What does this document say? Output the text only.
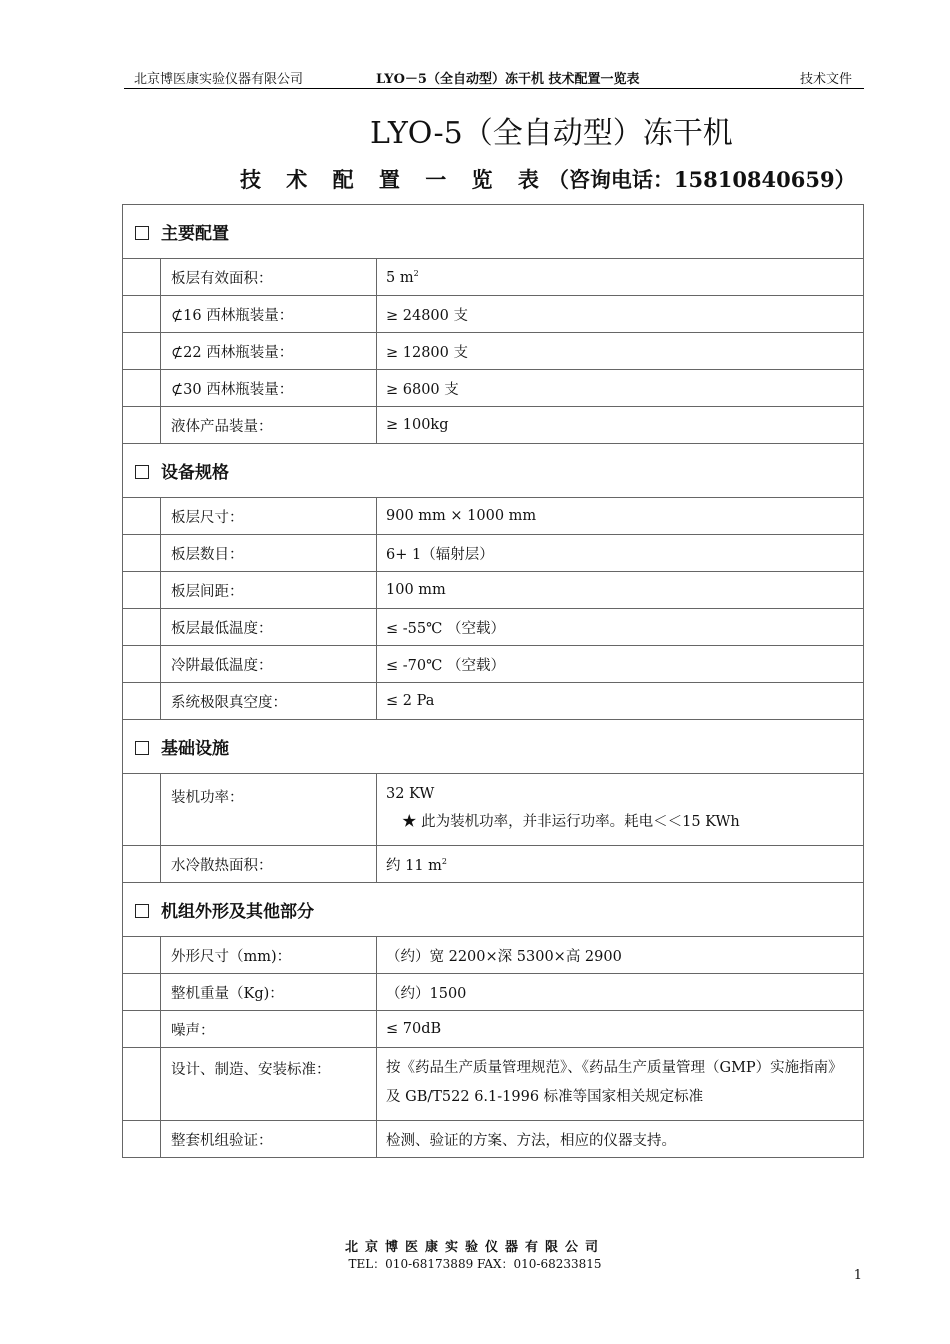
北京博医康实验仪器有限公司	LYO－5（全自动型）冻干机 技术配置一览表	技术文件
LYO-5（全自动型）冻干机
技 术 配 置 一 览 表（咨询电话：15810840659）
主要配置		
	板层有效面积：	5 $m^2$
	⊄16 西林瓶装量：	≥ 24800 支
	⊄22 西林瓶装量：	≥ 12800 支
	⊄30 西林瓶装量：	≥ 6800 支
	液体产品装量：	≥ 100kg
设备规格		
	板层尺寸：	900 mm × 1000 mm
	板层数目：	6+ 1（辐射层）
	板层间距：	100 mm
	板层最低温度：	≤ -55℃ （空载）
	冷阱最低温度：	≤ -70℃ （空载）
	系统极限真空度：	≤ 2 Pa
基础设施		
	装机功率：	32 KW
★ 此为装机功率，并非运行功率。耗电＜＜15 KWh

	水冷散热面积：	约 11 $m^2$
机组外形及其他部分		
	外形尺寸（mm)：	（约）宽 2200×深 5300×高 2900
	整机重量（Kg)：	（约）1500
	噪声：	≤ 70dB
	设计、制造、安装标准：	按《药品生产质量管理规范》、《药品生产质量管理（GMP）实施指南》及 GB/T522 6.1-1996 标准等国家相关规定标准
	整套机组验证：	检测、验证的方案、方法，相应的仪器支持。
北京博医康实验仪器有限公司
TEL：010-68173889 FAX：010-68233815
1
